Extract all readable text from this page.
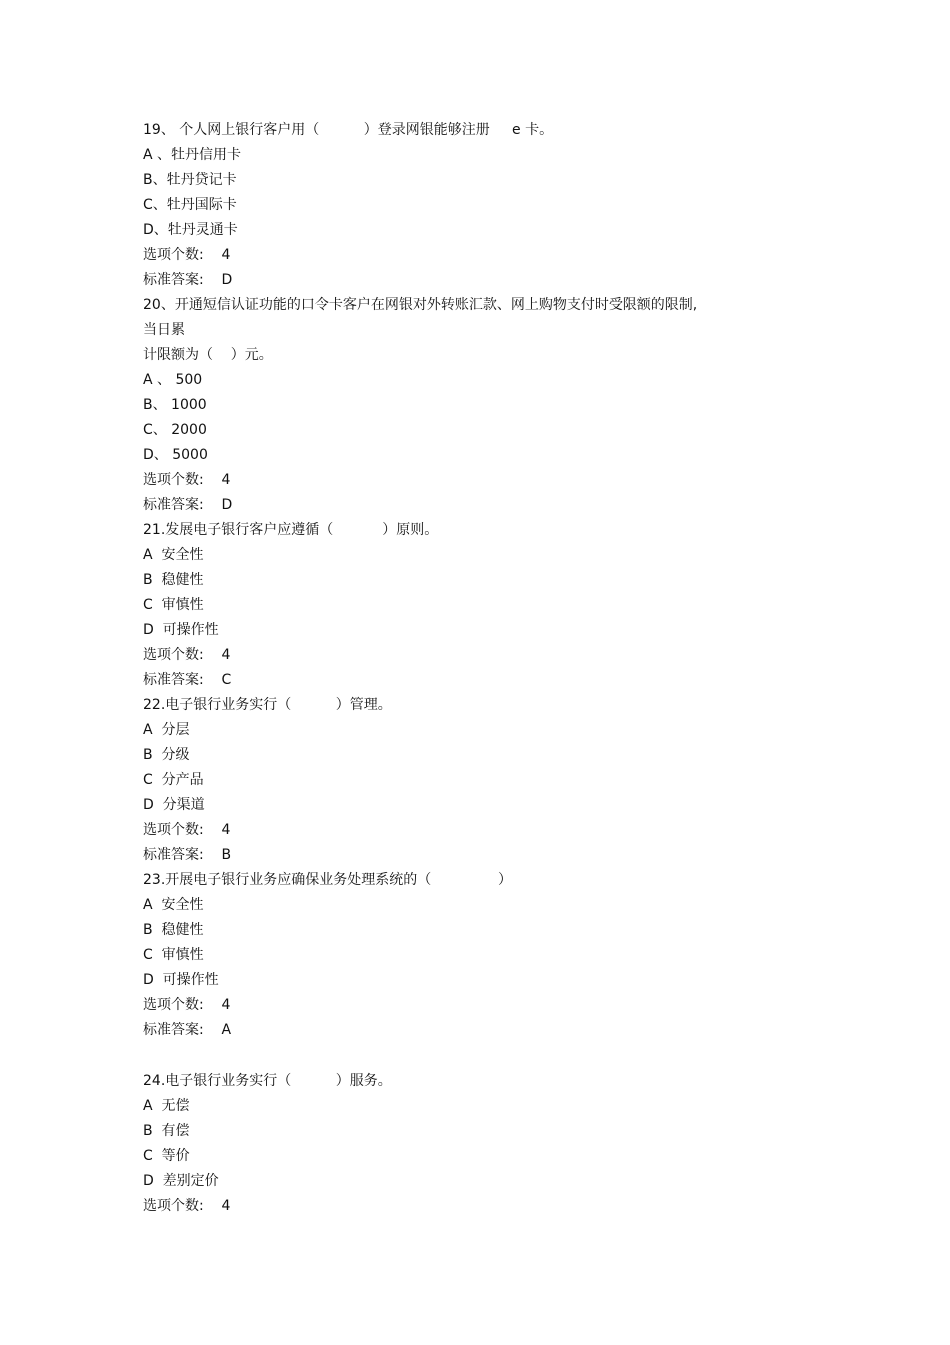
19、 个人网上银行客户用（          ）登录网银能够注册     e 卡。
A 、牡丹信用卡
B、牡丹贷记卡
C、牡丹国际卡
D、牡丹灵通卡
选项个数:    4
标准答案:    D
20、开通短信认证功能的口令卡客户在网银对外转账汇款、网上购物支付时受限额的限制,
当日累
计限额为（    ）元。
A 、 500
B、 1000
C、 2000
D、 5000
选项个数:    4
标准答案:    D
21.发展电子银行客户应遵循（           ）原则。
A  安全性
B  稳健性
C  审慎性
D  可操作性
选项个数:    4
标准答案:    C
22.电子银行业务实行（          ）管理。
A  分层
B  分级
C  分产品
D  分渠道
选项个数:    4
标准答案:    B
23.开展电子银行业务应确保业务处理系统的（               ）
A  安全性
B  稳健性
C  审慎性
D  可操作性
选项个数:    4
标准答案:    A
24.电子银行业务实行（          ）服务。
A  无偿
B  有偿
C  等价
D  差别定价
选项个数:    4
